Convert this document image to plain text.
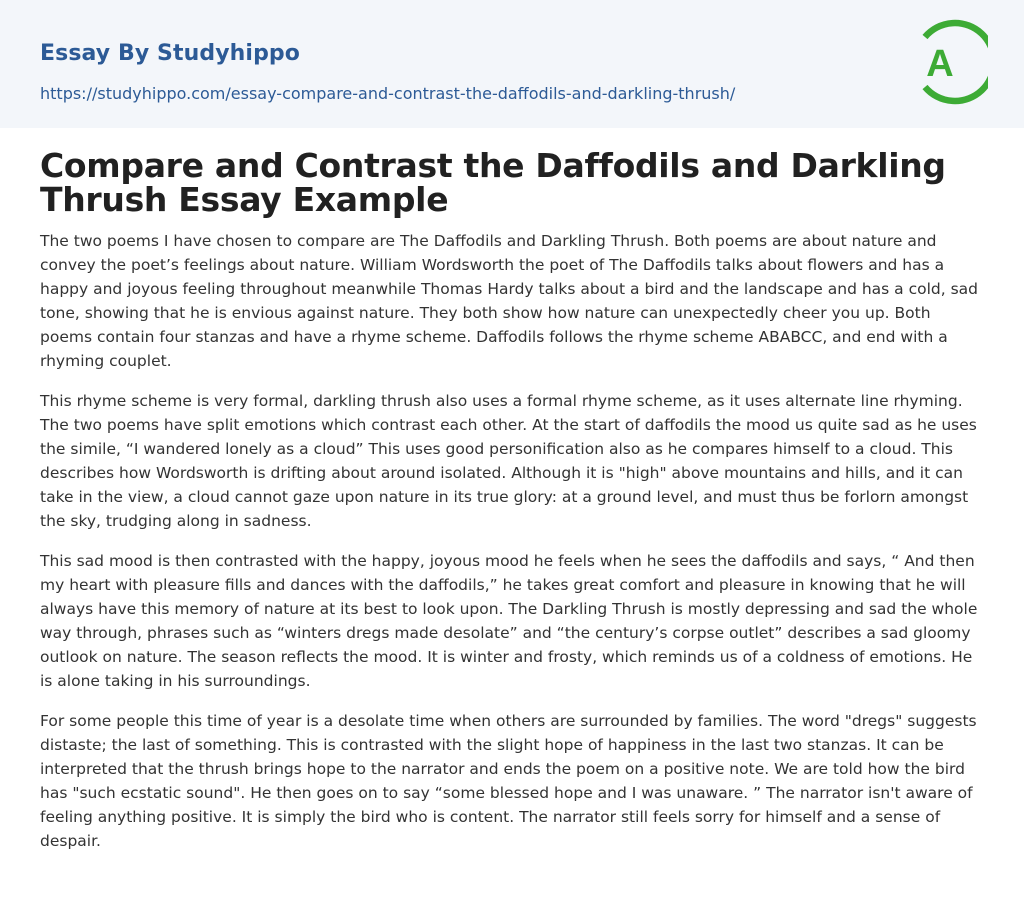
Essay By Studyhippo
https://studyhippo.com/essay-compare-and-contrast-the-daffodils-and-darkling-thrush/
A
Compare and Contrast the Daffodils and Darkling Thrush Essay Example

The two poems I have chosen to compare are The Daffodils and Darkling Thrush. Both poems are about nature and convey the poet’s feelings about nature. William Wordsworth the poet of The Daffodils talks about flowers and has a happy and joyous feeling throughout meanwhile Thomas Hardy talks about a bird and the landscape and has a cold, sad tone, showing that he is envious against nature. They both show how nature can unexpectedly cheer you up. Both poems contain four stanzas and have a rhyme scheme. Daffodils follows the rhyme scheme ABABCC, and end with a rhyming couplet.

This rhyme scheme is very formal, darkling thrush also uses a formal rhyme scheme, as it uses alternate line rhyming. The two poems have split emotions which contrast each other. At the start of daffodils the mood us quite sad as he uses the simile, “I wandered lonely as a cloud” This uses good personification also as he compares himself to a cloud. This describes how Wordsworth is drifting about around isolated. Although it is "high" above mountains and hills, and it can take in the view, a cloud cannot gaze upon nature in its true glory: at a ground level, and must thus be forlorn amongst the sky, trudging along in sadness.

This sad mood is then contrasted with the happy, joyous mood he feels when he sees the daffodils and says, “ And then my heart with pleasure fills and dances with the daffodils,” he takes great comfort and pleasure in knowing that he will always have this memory of nature at its best to look upon. The Darkling Thrush is mostly depressing and sad the whole way through, phrases such as “winters dregs made desolate” and “the century’s corpse outlet” describes a sad gloomy outlook on nature. The season reflects the mood. It is winter and frosty, which reminds us of a coldness of emotions. He is alone taking in his surroundings.

For some people this time of year is a desolate time when others are surrounded by families. The word "dregs" suggests distaste; the last of something. This is contrasted with the slight hope of happiness in the last two stanzas. It can be interpreted that the thrush brings hope to the narrator and ends the poem on a positive note. We are told how the bird has "such ecstatic sound". He then goes on to say “some blessed hope and I was unaware. ” The narrator isn't aware of feeling anything positive. It is simply the bird who is content. The narrator still feels sorry for himself and a sense of despair.
